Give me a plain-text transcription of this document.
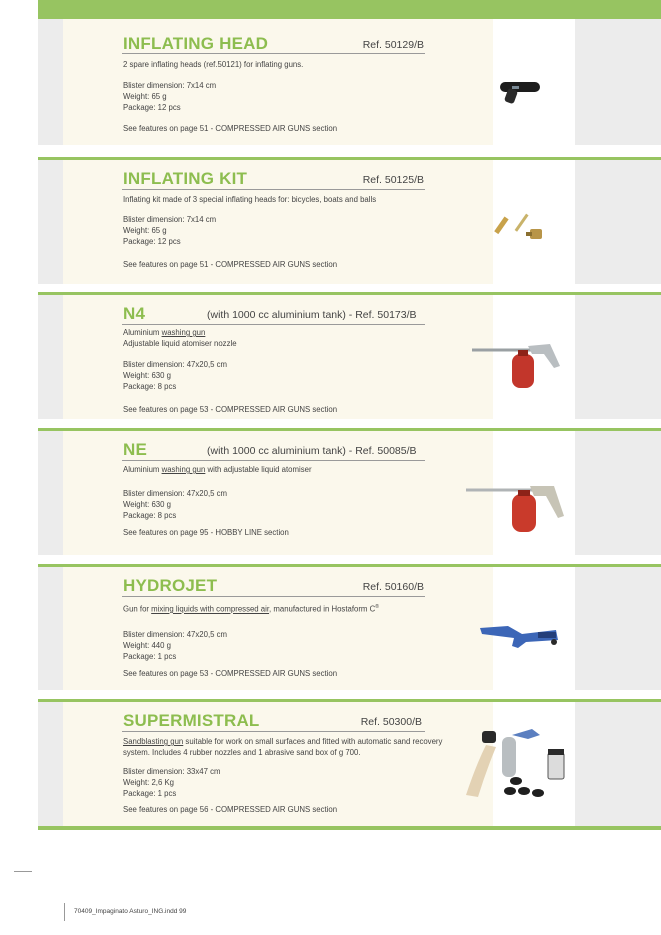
INFLATING HEAD	Ref. 50129/B
2 spare inflating heads (ref.50121) for inflating guns.
Blister dimension: 7x14 cm
Weight: 65 g
Package: 12 pcs
See features on page 51 - COMPRESSED AIR GUNS section
INFLATING KIT	Ref. 50125/B
Inflating kit made of 3 special inflating heads for: bicycles, boats and balls
Blister dimension: 7x14 cm
Weight: 65 g
Package: 12 pcs
See features on page 51 - COMPRESSED AIR GUNS section
N4	(with 1000 cc aluminium tank) - Ref. 50173/B
Aluminium washing gun
Adjustable liquid atomiser nozzle
Blister dimension: 47x20,5 cm
Weight: 630 g
Package: 8 pcs
See features on page 53 - COMPRESSED AIR GUNS section
NE	(with 1000 cc aluminium tank) - Ref. 50085/B
Aluminium washing gun with adjustable liquid atomiser
Blister dimension: 47x20,5 cm
Weight: 630 g
Package: 8 pcs
See features on page 95 - HOBBY LINE section
HYDROJET	Ref. 50160/B
Gun for mixing liquids with compressed air, manufactured in Hostaform C®
Blister dimension: 47x20,5 cm
Weight: 440 g
Package: 1 pcs
See features on page 53 - COMPRESSED AIR GUNS section
SUPERMISTRAL	Ref. 50300/B
Sandblasting gun suitable for work on small surfaces and fitted with automatic sand recovery system. Includes 4 rubber nozzles and 1 abrasive sand box of g 700.
Blister dimension: 33x47 cm
Weight: 2,6 Kg
Package: 1 pcs
See features on page 56 - COMPRESSED AIR GUNS section
70409_Impaginato Asturo_ING.indd 99
